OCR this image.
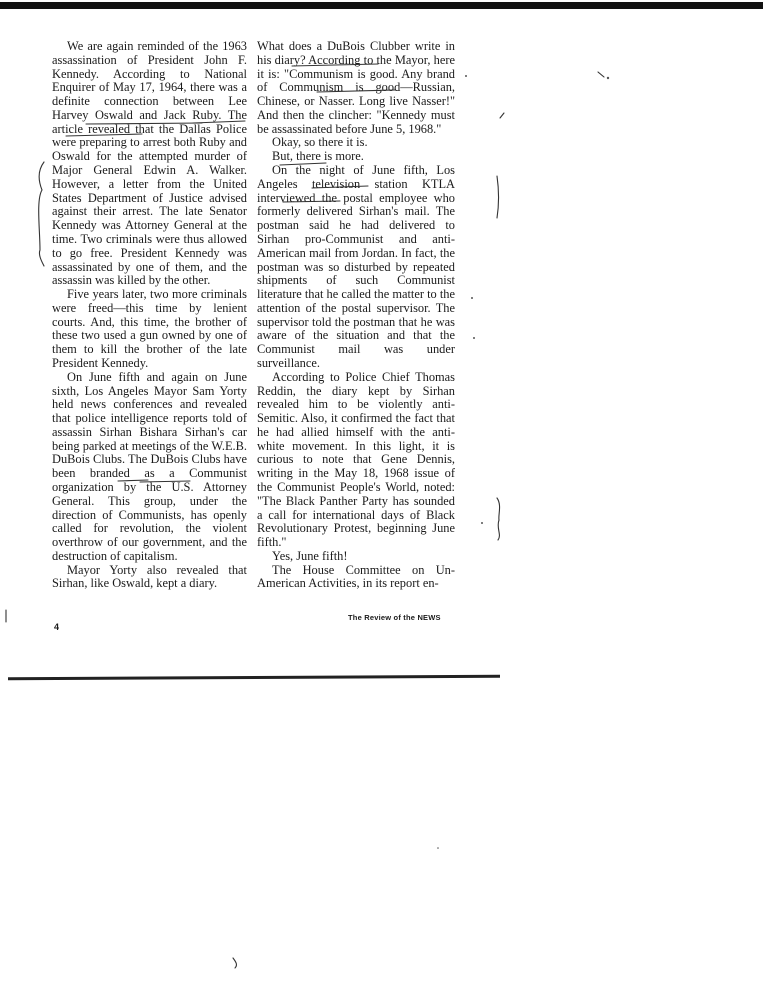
We are again reminded of the 1963 assassination of President John F. Kennedy. According to National Enquirer of May 17, 1964, there was a definite connection between Lee Harvey Oswald and Jack Ruby. The article revealed that the Dallas Police were preparing to arrest both Ruby and Oswald for the attempted murder of Major General Edwin A. Walker. However, a letter from the United States Department of Justice advised against their arrest. The late Senator Kennedy was Attorney General at the time. Two criminals were thus allowed to go free. President Kennedy was assassinated by one of them, and the assassin was killed by the other.

Five years later, two more criminals were freed—this time by lenient courts. And, this time, the brother of these two used a gun owned by one of them to kill the brother of the late President Kennedy.

On June fifth and again on June sixth, Los Angeles Mayor Sam Yorty held news conferences and revealed that police intelligence reports told of assassin Sirhan Bishara Sirhan's car being parked at meetings of the W.E.B. DuBois Clubs. The DuBois Clubs have been branded as a Communist organization by the U.S. Attorney General. This group, under the direction of Communists, has openly called for revolution, the violent overthrow of our government, and the destruction of capitalism.

Mayor Yorty also revealed that Sirhan, like Oswald, kept a diary.

What does a DuBois Clubber write in his diary? According to the Mayor, here it is: "Communism is good. Any brand of Communism is good—Russian, Chinese, or Nasser. Long live Nasser!" And then the clincher: "Kennedy must be assassinated before June 5, 1968."

Okay, so there it is.

But, there is more.

On the night of June fifth, Los Angeles television station KTLA interviewed the postal employee who formerly delivered Sirhan's mail. The postman said he had delivered to Sirhan pro-Communist and anti-American mail from Jordan. In fact, the postman was so disturbed by repeated shipments of such Communist literature that he called the matter to the attention of the postal supervisor. The supervisor told the postman that he was aware of the situation and that the Communist mail was under surveillance.

According to Police Chief Thomas Reddin, the diary kept by Sirhan revealed him to be violently anti-Semitic. Also, it confirmed the fact that he had allied himself with the anti-white movement. In this light, it is curious to note that Gene Dennis, writing in the May 18, 1968 issue of the Communist People's World, noted: "The Black Panther Party has sounded a call for international days of Black Revolutionary Protest, beginning June fifth."

Yes, June fifth!

The House Committee on Un-American Activities, in its report en-

4
The Review of the NEWS
